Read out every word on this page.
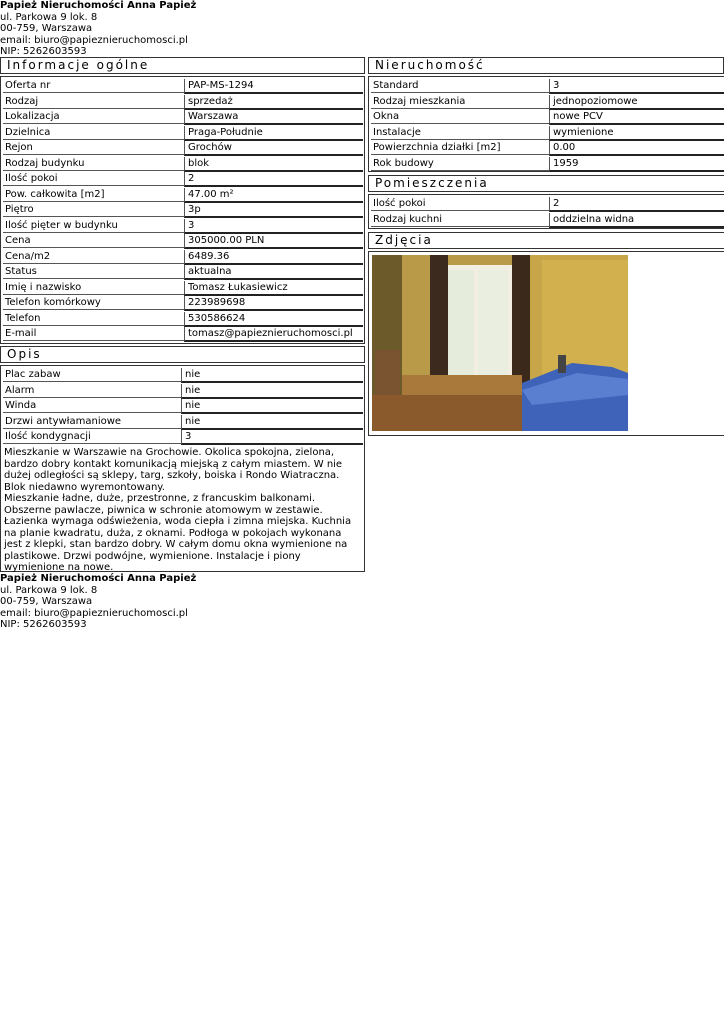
Papież Nieruchomości Anna Papież
ul. Parkowa 9 lok. 8
00-759, Warszawa
email: biuro@papieznieruchomosci.pl
NIP: 5262603593
Informacje ogólne
Oferta nr	PAP-MS-1294
Rodzaj	sprzedaż
Lokalizacja	Warszawa
Dzielnica	Praga-Południe
Rejon	Grochów
Rodzaj budynku	blok
Ilość pokoi	2
Pow. całkowita [m2]	47.00 m²
Piętro	3p
Ilość pięter w budynku	3
Cena	305000.00 PLN
Cena/m2	6489.36
Status	aktualna
Imię i nazwisko	Tomasz Łukasiewicz
Telefon komórkowy	223989698
Telefon	530586624
E-mail	tomasz@papieznieruchomosci.pl
Opis
Plac zabaw	nie
Alarm	nie
Winda	nie
Drzwi antywłamaniowe	nie
Ilość kondygnacji	3

Mieszkanie w Warszawie na Grochowie. Okolica spokojna, zielona, bardzo dobry kontakt komunikacją miejską z całym miastem. W nie dużej odległości są sklepy, targ, szkoły, boiska i Rondo Wiatraczna. Blok niedawno wyremontowany.

Mieszkanie ładne, duże, przestronne, z francuskim balkonami. Obszerne pawlacze, piwnica w schronie atomowym w zestawie. Łazienka wymaga odświeżenia, woda ciepła i zimna miejska. Kuchnia na planie kwadratu, duża, z oknami. Podłoga w pokojach wykonana jest z klepki, stan bardzo dobry. W całym domu okna wymienione na plastikowe. Drzwi podwójne, wymienione. Instalacje i piony wymienione na nowe.

Papież Nieruchomości Anna Papież
ul. Parkowa 9 lok. 8
00-759, Warszawa
email: biuro@papieznieruchomosci.pl
NIP: 5262603593
Nieruchomość
Standard	3
Rodzaj mieszkania	jednopoziomowe
Okna	nowe PCV
Instalacje	wymienione
Powierzchnia działki [m2]	0.00
Rok budowy	1959
Pomieszczenia
Ilość pokoi	2
Rodzaj kuchni	oddzielna widna
Zdjęcia
